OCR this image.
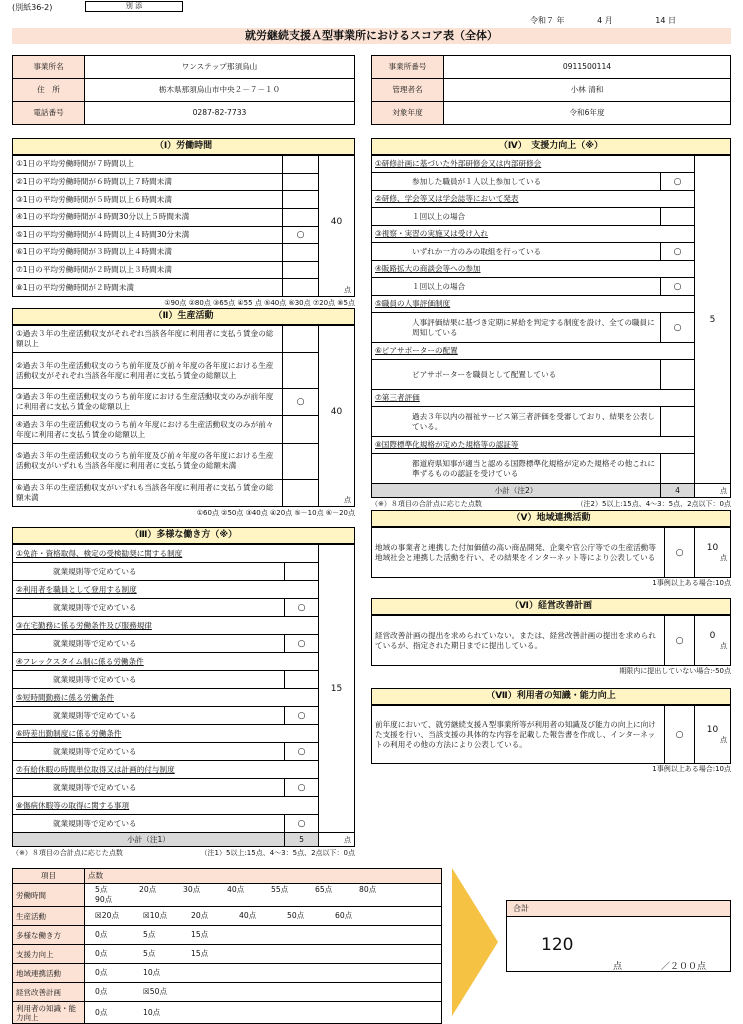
(別紙36-2)	別 添
令和７ 年	4 月	14 日
就労継続支援Ａ型事業所におけるスコア表（全体）
事業所名	ワンステップ那須烏山
住　所	栃木県那須烏山市中央２－７－１０
電話番号	0287-82-7733
事業所番号	0911500114
管理者名	小林 清和
対象年度	令和6年度
（Ⅰ）労働時間
①1日の平均労働時間が７時間以上		40
点

②1日の平均労働時間が６時間以上７時間未満		
③1日の平均労働時間が５時間以上６時間未満		
④1日の平均労働時間が４時間30分以上５時間未満		
⑤1日の平均労働時間が４時間以上４時間30分未満	○	
⑥1日の平均労働時間が３時間以上４時間未満		
⑦1日の平均労働時間が２時間以上３時間未満		
⑧1日の平均労働時間が２時間未満		
①90点 ②80点 ③65点 ④55 点 ⑤40点 ⑥30点 ⑦20点 ⑧5点
（Ⅱ）生産活動
①過去３年の生産活動収支がそれぞれ当該各年度に利用者に支払う賃金の総額以上		40
点

②過去３年の生産活動収支のうち前年度及び前々年度の各年度における生産活動収支がそれぞれ当該各年度に利用者に支払う賃金の総額以上		
③過去３年の生産活動収支のうち前年度における生産活動収支のみが前年度に利用者に支払う賃金の総額以上	○	
④過去３年の生産活動収支のうち前々年度における生産活動収支のみが前々年度に利用者に支払う賃金の総額以上		
⑤過去３年の生産活動収支のうち前年度及び前々年度の各年度における生産活動収支がいずれも当該各年度に利用者に支払う賃金の総額未満		
⑥過去３年の生産活動収支がいずれも当該各年度に利用者に支払う賃金の総額未満		
①60点 ②50点 ③40点 ④20点 ⑤－10点 ⑥－20点
（Ⅲ）多様な働き方（※）
①免許・資格取得、検定の受検勧奨に関する制度		15

就業規則等で定めている		
②利用者を職員として登用する制度		
就業規則等で定めている	○	
③在宅勤務に係る労働条件及び服務規律		
就業規則等で定めている	○	
④フレックスタイム制に係る労働条件		
就業規則等で定めている		
⑤短時間勤務に係る労働条件		
就業規則等で定めている	○	
⑥時差出勤制度に係る労働条件		
就業規則等で定めている	○	
⑦有給休暇の時間単位取得又は計画的付与制度		
就業規則等で定めている	○	
⑧傷病休暇等の取得に関する事項		
就業規則等で定めている	○	
小計（注1）	5	点
（※）８項目の合計点に応じた点数	（注1）5以上:15点、4～3：5点、2点以下：0点
（Ⅳ）　支援力向上（※）
①研修計画に基づいた外部研修会又は内部研修会		5

参加した職員が１人以上参加している	○	
②研修、学会等又は学会誌等において発表		
１回以上の場合		
③視察・実習の実施又は受け入れ		
いずれか一方のみの取組を行っている	○	
④販路拡大の商談会等への参加		
１回以上の場合	○	
⑤職員の人事評価制度		
人事評価結果に基づき定期に昇給を判定する制度を設け、全ての職員に周知している	○	
⑥ピアサポーターの配置		
ピアサポーターを職員として配置している		
⑦第三者評価		
過去３年以内の福祉サービス第三者評価を受審しており、結果を公表している。		
⑧国際標準化規格が定めた規格等の認証等		
都道府県知事が適当と認める国際標準化規格が定めた規格その他これに準ずるものの認証を受けている		
小計（注2）	4	点
（※）８項目の合計点に応じた点数	（注2）5以上:15点、4～3：5点、2点以下：0点
（Ⅴ）地域連携活動
地域の事業者と連携した付加価値の高い商品開発、企業や官公庁等での生産活動等地域社会と連携した活動を行い、その結果をインターネット等により公表している	○	10
点
1事例以上ある場合:10点
（Ⅵ）経営改善計画
経営改善計画の提出を求められていない。または、経営改善計画の提出を求められているが、指定された期日までに提出している。	○	0
点
期限内に提出していない場合:-50点
（Ⅶ）利用者の知識・能力向上
前年度において、就労継続支援Ａ型事業所等が利用者の知識及び能力の向上に向けた支援を行い、当該支援の具体的な内容を記載した報告書を作成し、インターネットの利用その他の方法により公表している。	○	10
点
1事例以上ある場合:10点
項目	点数
労働時間	5点 20点 30点 40点 55点 65点 80点90点
生産活動	☒20点 ☒10点 20点 40点 50点 60点
多様な働き方	0点 5点 15点
支援力向上	0点 5点 15点
地域連携活動	0点 10点
経営改善計画	0点 ☒50点
利用者の知識・能力向上	0点 10点
合計
120
点	／２００点
